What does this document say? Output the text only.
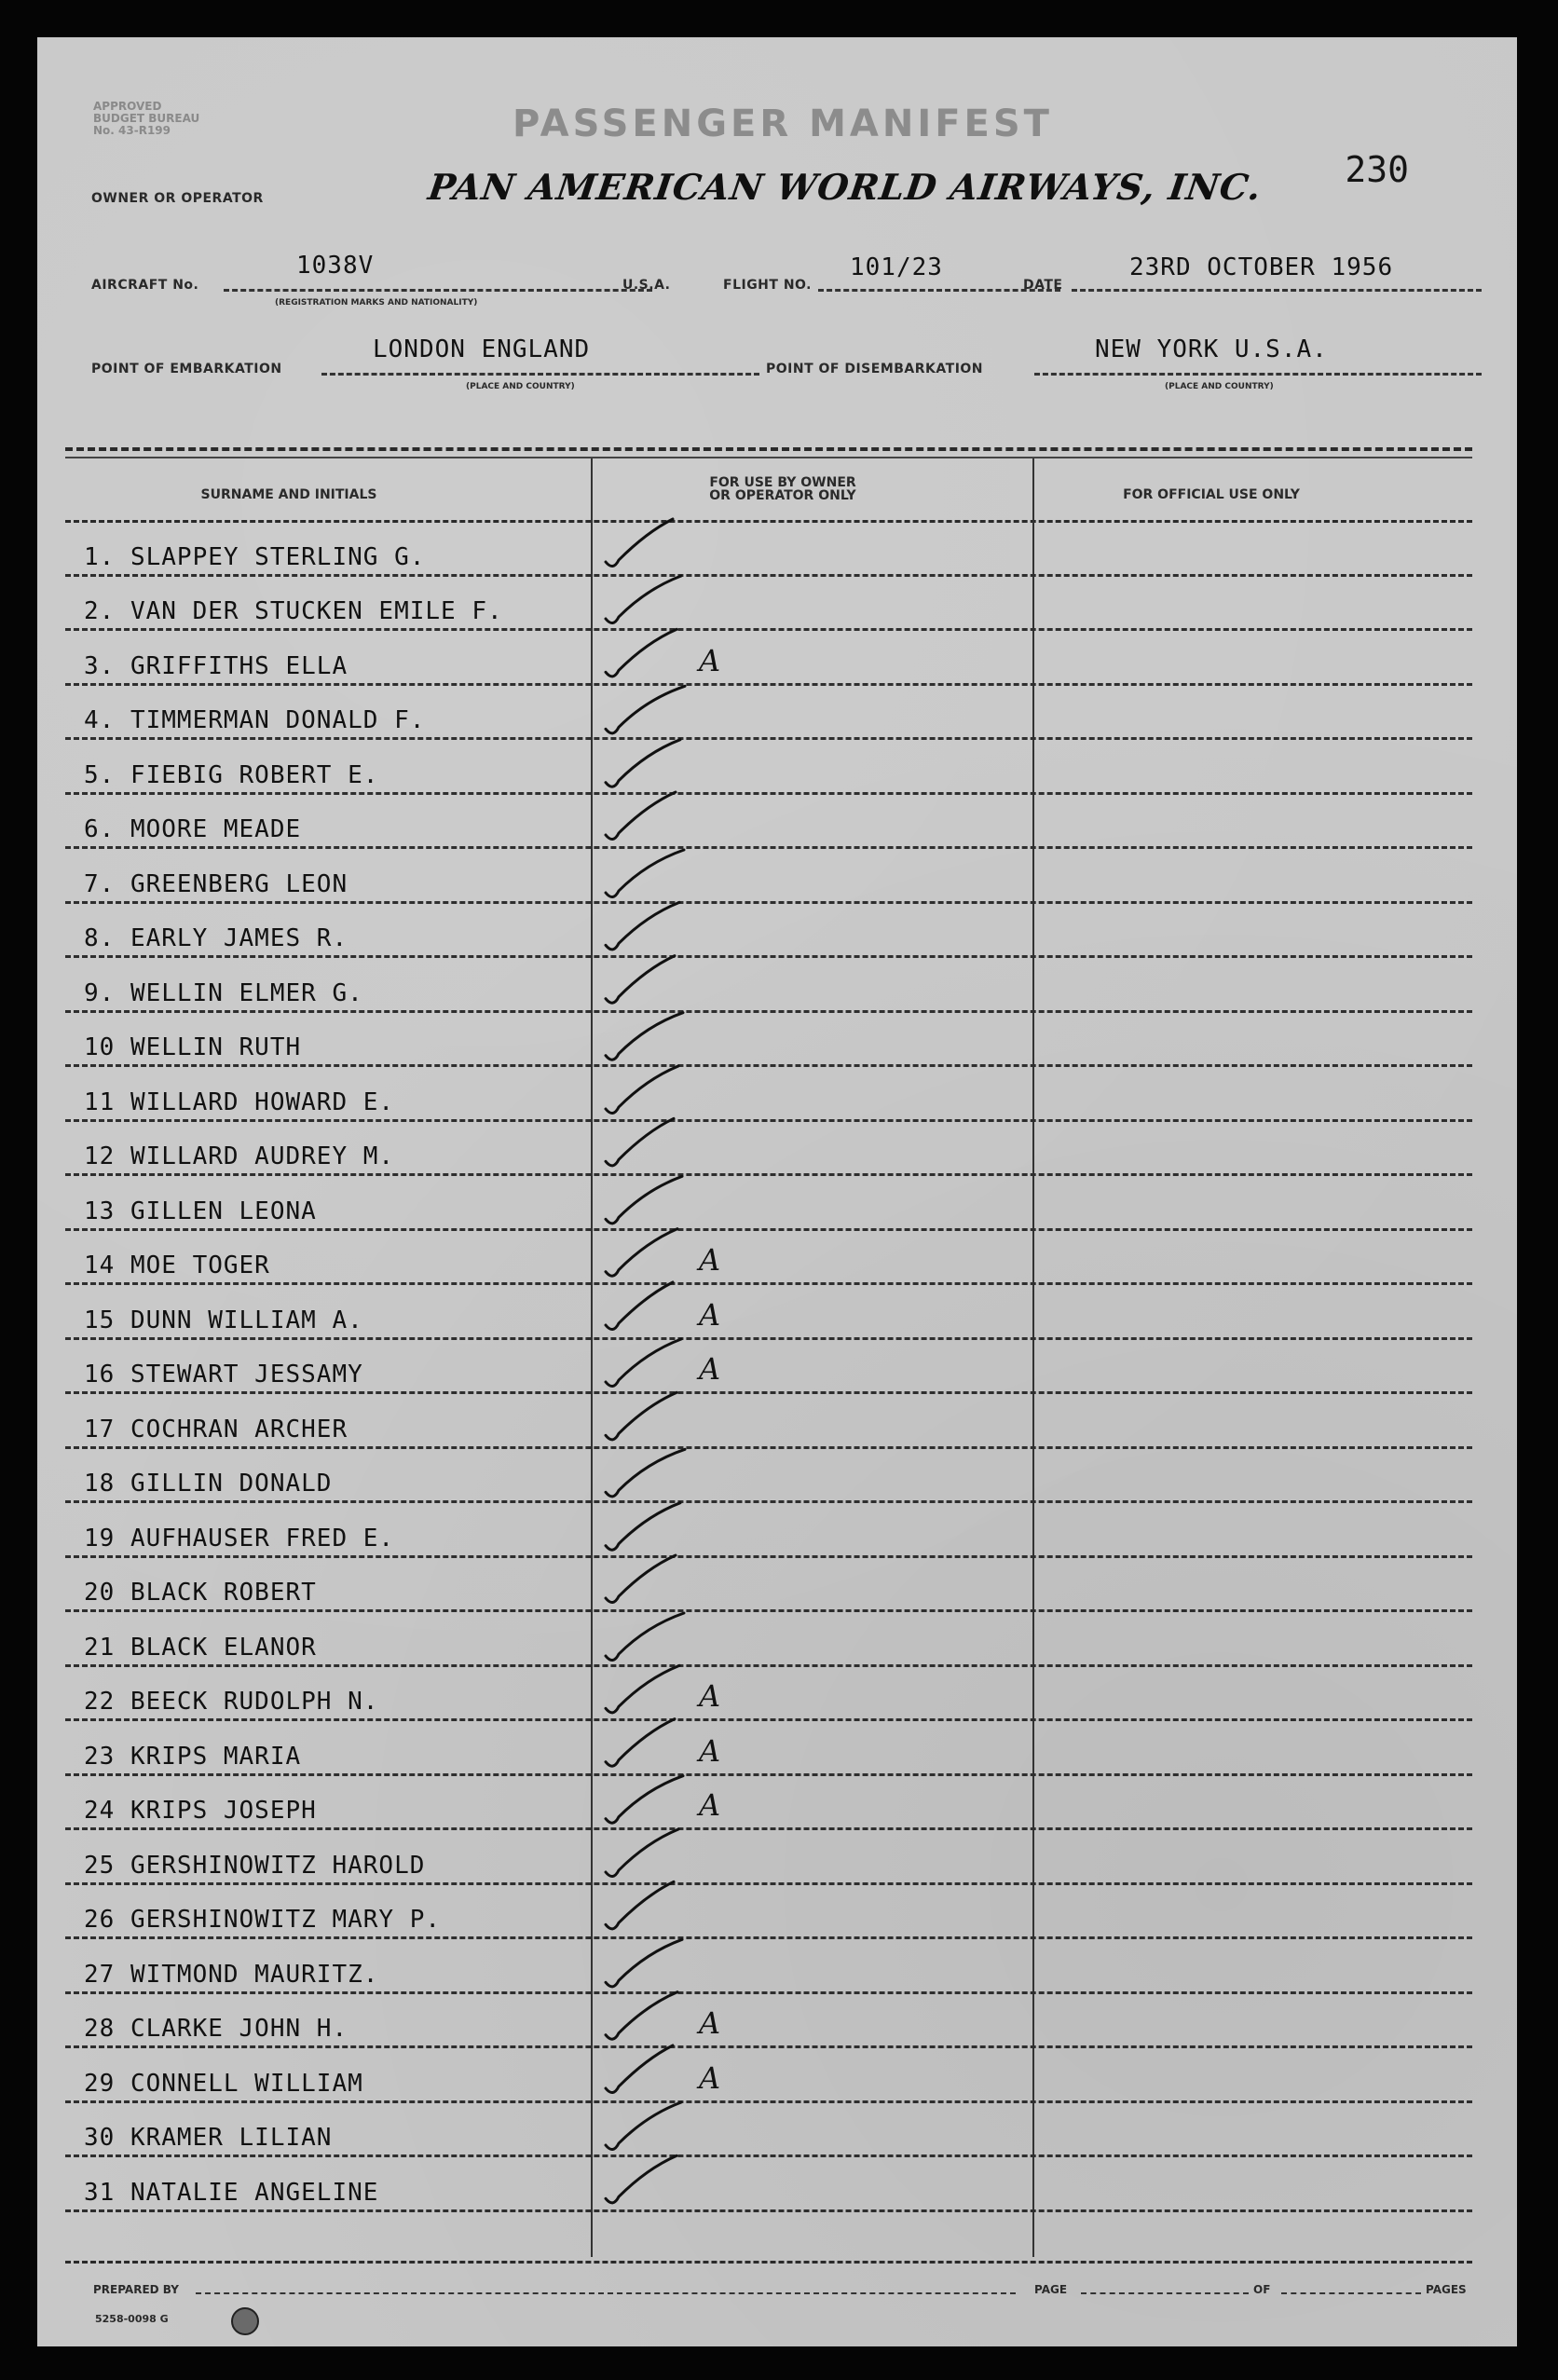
APPROVED
BUDGET BUREAU
No. 43-R199	PASSENGER MANIFEST
OWNER OR OPERATOR	PAN AMERICAN WORLD AIRWAYS, INC. 230
AIRCRAFT No.
1038V
(REGISTRATION MARKS AND NATIONALITY)
U.S.A.	FLIGHT NO.
101/23
DATE
23RD OCTOBER 1956
POINT OF EMBARKATION
LONDON ENGLAND
(PLACE AND COUNTRY)
POINT OF DISEMBARKATION
NEW YORK U.S.A.
(PLACE AND COUNTRY)
SURNAME AND INITIALS
FOR USE BY OWNER
OR OPERATOR ONLY	FOR OFFICIAL USE ONLY
1. SLAPPEY STERLING G.
2. VAN DER STUCKEN EMILE F.
3. GRIFFITHS ELLA	A
4. TIMMERMAN DONALD F.
5. FIEBIG ROBERT E.
6. MOORE MEADE
7. GREENBERG LEON
8. EARLY JAMES R.
9. WELLIN ELMER G.
10 WELLIN RUTH
11 WILLARD HOWARD E.
12 WILLARD AUDREY M.
13 GILLEN LEONA
14 MOE TOGER	A
15 DUNN WILLIAM A.	A
16 STEWART JESSAMY	A
17 COCHRAN ARCHER
18 GILLIN DONALD
19 AUFHAUSER FRED E.
20 BLACK ROBERT
21 BLACK ELANOR
22 BEECK RUDOLPH N.	A
23 KRIPS MARIA	A
24 KRIPS JOSEPH	A
25 GERSHINOWITZ HAROLD
26 GERSHINOWITZ MARY P.
27 WITMOND MAURITZ.
28 CLARKE JOHN H.	A
29 CONNELL WILLIAM	A
30 KRAMER LILIAN
31 NATALIE ANGELINE
PREPARED BY	PAGE	OF	PAGES
5258-0098 G
